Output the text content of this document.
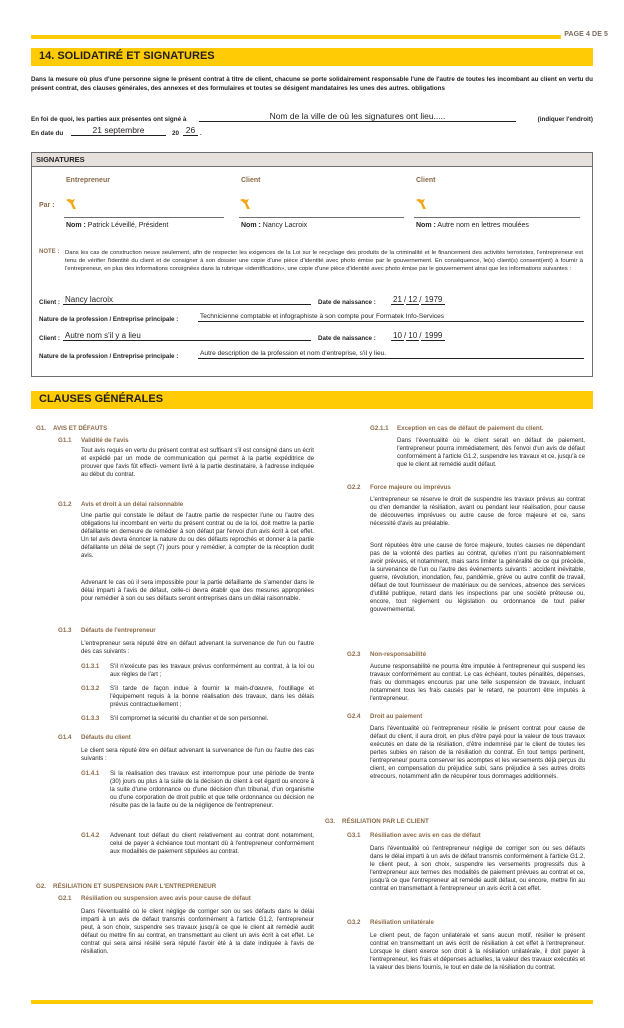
PAGE 4 DE 5
14. SOLIDATIRÉ ET SIGNATURES
Dans la mesure où plus d'une personne signe le présent contrat à titre de client, chacune se porte solidairement responsable l'une de l'autre de toutes les incombant au client en vertu du présent contrat, des clauses générales, des annexes et des formulaires et toutes se désigent mandataires les unes des autres. obligations
En foi de quoi, les parties aux présentes ont signé à	Nom de la ville de où les signatures ont lieu.....	(indiquer l'endroit)
En date du	21 septembre	20 26 .
SIGNATURES
Par :
Entrepreneur
Nom : Patrick Léveillé, Président
Client
Nom : Nancy Lacroix
Client
Nom : Autre nom en lettres moulées
NOTE : Dans les cas de construction neuve seulement, afin de respecter les exigences de la Loi sur le recyclage des produits de la criminalité et le financement des activités terroristes, l'entrepreneur est tenu de vérifier l'identité du client et de consigner à son dossier une copie d'une pièce d'identité avec photo émise par le gouvernement. En conséquence, le(s) client(s) consent(ent) à fournir à l'entrepreneur, en plus des informations consignées dans la rubrique «identification», une copie d'une pièce d'identité avec photo émise par le gouvernement ainsi que les informations suivantes :
Client : Nancy lacroix	Date de naissance : 21 / 12 / 1979
Nature de la profession / Entreprise principale :	Technicienne comptable et infographiste à son compte pour Formatek Info-Services
Client : Autre nom s'il y a lieu	Date de naissance : 10 / 10 / 1999
Nature de la profession / Entreprise principale :	Autre description de la profession et nom d'entreprise, s'il y lieu.
CLAUSES GÉNÉRALES
G1. AVIS ET DÉFAUTS
G1.1 Validité de l'avis
Tout avis requis en vertu du présent contrat est suffisant s'il est consigné dans un écrit et expédié par un mode de communication qui permet à la partie expéditrice de prouver que l'avis fût effecti- vement livré à la partie destinataire, à l'adresse indiquée au début du contrat.
G1.2 Avis et droit à un délai raisonnable
Une partie qui constate le défaut de l'autre partie de respecter l'une ou l'autre des obligations lui incombant en vertu du présent contrat ou de la loi, doit mettre la partie défaillante en demeure de remédier à son défaut par l'envoi d'un avis écrit à cet effet. Un tel avis devra énoncer la nature du ou des défauts reprochés et donner à la partie défaillante un délai de sept (7) jours pour y remédier, à compter de la réception dudit avis.
Advenant le cas où il sera impossible pour la partie défaillante de s'amender dans le délai imparti à l'avis de défaut, celle-ci devra établir que des mesures appropriées pour remédier à son ou ses défauts seront entreprises dans un délai raisonnable.
G1.3 Défauts de l'entrepreneur
L'entrepreneur sera réputé être en défaut advenant la survenance de l'un ou l'autre des cas suivants :
G1.3.1 S'il n'exécute pas les travaux prévus conformément au contrat, à la loi ou aux règles de l'art ;
G1.3.2 S'il tarde de façon indue à fournir la main-d'œuvre, l'outillage et l'équipement requis à la bonne réalisation des travaux, dans les délais prévus contractuellement ;
G1.3.3 S'il compromet la sécurité du chantier et de son personnel.
G1.4 Défauts du client
Le client sera réputé être en défaut advenant la survenance de l'un ou l'autre des cas suivants :
G1.4.1 Si la réalisation des travaux est interrompue pour une période de trente (30) jours ou plus à la suite de la décision du client à cet égard ou encore à la suite d'une ordonnance ou d'une décision d'un tribunal, d'un organisme ou d'une corporation de droit public et que telle ordonnance ou décision ne résulte pas de la faute ou de la négligence de l'entrepreneur.
G1.4.2 Advenant tout défaut du client relativement au contrat dont notamment, celui de payer à échéance tout montant dû à l'entrepreneur conformément aux modalités de paiement stipulées au contrat.
G2. RÉSILIATION ET SUSPENSION PAR L'ENTREPRENEUR
G2.1 Résiliation ou suspension avec avis pour cause de défaut
Dans l'éventualité où le client néglige de corriger son ou ses défauts dans le délai imparti à un avis de défaut transmis conformément à l'article G1.2, l'entrepreneur peut, à son choix, suspendre ses travaux jusqu'à ce que le client ait remédié audit défaut ou mettre fin au contrat, en transmettant au client un avis écrit à cet effet. Le contrat qui sera ainsi résilié sera réputé l'avoir été à la date indiquée à l'avis de résiliation.
G2.1.1 Exception en cas de défaut de paiement du client.
Dans l'éventualité où le client serait en défaut de paiement, l'entrepreneur pourra immédiatement, dès l'envoi d'un avis de défaut conformément à l'article G1.2, suspendre les travaux et ce, jusqu'à ce que le client ait remédié audit défaut.
G2.2 Force majeure ou imprévus
L'entrepreneur se réserve le droit de suspendre les travaux prévus au contrat ou d'en demander la résiliation, avant ou pendant leur réalisation, pour cause de découvertes imprévues ou autre cause de force majeure et ce, sans nécessité d'avis au préalable.
Sont réputées être une cause de force majeure, toutes causes ne dépendant pas de la volonté des parties au contrat, qu'elles n'ont pu raisonnablement avoir prévues, et notamment, mais sans limiter la généralité de ce qui précède, la survenance de l'un ou l'autre des événements suivants : accident inévitable, guerre, révolution, inondation, feu, pandémie, grève ou autre conflit de travail, défaut de tout fournisseur de matériaux ou de services, absence des services d'utilité publique, retard dans les inspections par une société prêteuse ou, encore, tout règlement ou législation ou ordonnance de tout palier gouvernemental.
G2.3 Non-responsabilité
Aucune responsabilité ne pourra être imputée à l'entrepreneur qui suspend les travaux conformément au contrat. Le cas échéant, toutes pénalités, dépenses, frais ou dommages encourus par une telle suspension de travaux, incluant notamment tous les frais causés par le retard, ne pourront être imputés à l'entrepreneur.
G2.4 Droit au paiement
Dans l'éventualité où l'entrepreneur résilie le présent contrat pour cause de défaut du client, il aura droit, en plus d'être payé pour la valeur de tous travaux exécutés en date de la résiliation, d'être indemnisé par le client de toutes les pertes subies en raison de la résiliation du contrat. En tout temps pertinent, l'entrepreneur pourra conserver les acomptes et les versements déjà perçus du client, en compensation du préjudice subi, sans préjudice à ses autres droits etrecours, notamment afin de récupérer tous dommages additionnels.
G3. RÉSILIATION PAR LE CLIENT
G3.1 Résiliation avec avis en cas de défaut
Dans l'éventualité où l'entrepreneur néglige de corriger son ou ses défauts dans le délai imparti à un avis de défaut transmis conformément à l'article G1.2, le client peut, à son choix, suspendre les versements progressifs dus à l'entrepreneur aux termes des modalités de paiement prévues au contrat et ce, jusqu'à ce que l'entrepreneur ait remédié audit défaut, ou encore, mettre fin au contrat en transmettant à l'entrepreneur un avis écrit à cet effet.
G3.2 Résiliation unilatérale
Le client peut, de façon unilatérale et sans aucun motif, résilier le présent contrat en transmettant un avis écrit de résiliation à cet effet à l'entrepreneur. Lorsque le client exerce son droit à la résiliation unilatérale, il doit payer à l'entrepreneur, les frais et dépenses actuelles, la valeur des travaux exécutés et la valeur des biens fournis, le tout en date de la résiliation du contrat.
